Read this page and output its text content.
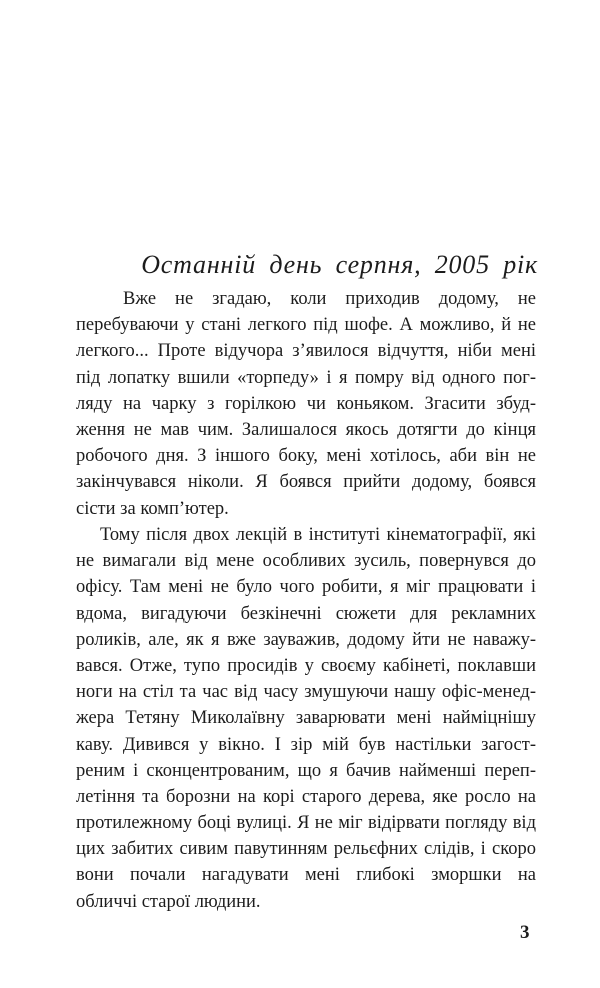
Останній день серпня, 2005 рік
Вже не згадаю, коли приходив додому, не
перебуваючи у стані легкого під шофе. А можливо, й не
легкого... Проте відучора з’явилося відчуття, ніби мені
під лопатку вшили «торпеду» і я помру від одного пог-
ляду на чарку з горілкою чи коньяком. Згасити збуд-
ження не мав чим. Залишалося якось дотягти до кінця
робочого дня. З іншого боку, мені хотілось, аби він не
закінчувався ніколи. Я боявся прийти додому, боявся
сісти за комп’ютер.
Тому після двох лекцій в інституті кінематографії, які
не вимагали від мене особливих зусиль, повернувся до
офісу. Там мені не було чого робити, я міг працювати і
вдома, вигадуючи безкінечні сюжети для рекламних
роликів, але, як я вже зауважив, додому йти не наважу-
вався. Отже, тупо просидів у своєму кабінеті, поклавши
ноги на стіл та час від часу змушуючи нашу офіс-менед-
жера Тетяну Миколаївну заварювати мені наймiцнішу
каву. Дивився у вікно. І зір мій був настільки загост-
реним і сконцентрованим, що я бачив найменші переп-
летіння та борозни на корі старого дерева, яке росло на
протилежному боці вулиці. Я не міг відірвати погляду від
цих забитих сивим павутинням рельєфних слідів, і скоро
вони почали нагадувати мені глибокі зморшки на
обличчі старої людини.
3
